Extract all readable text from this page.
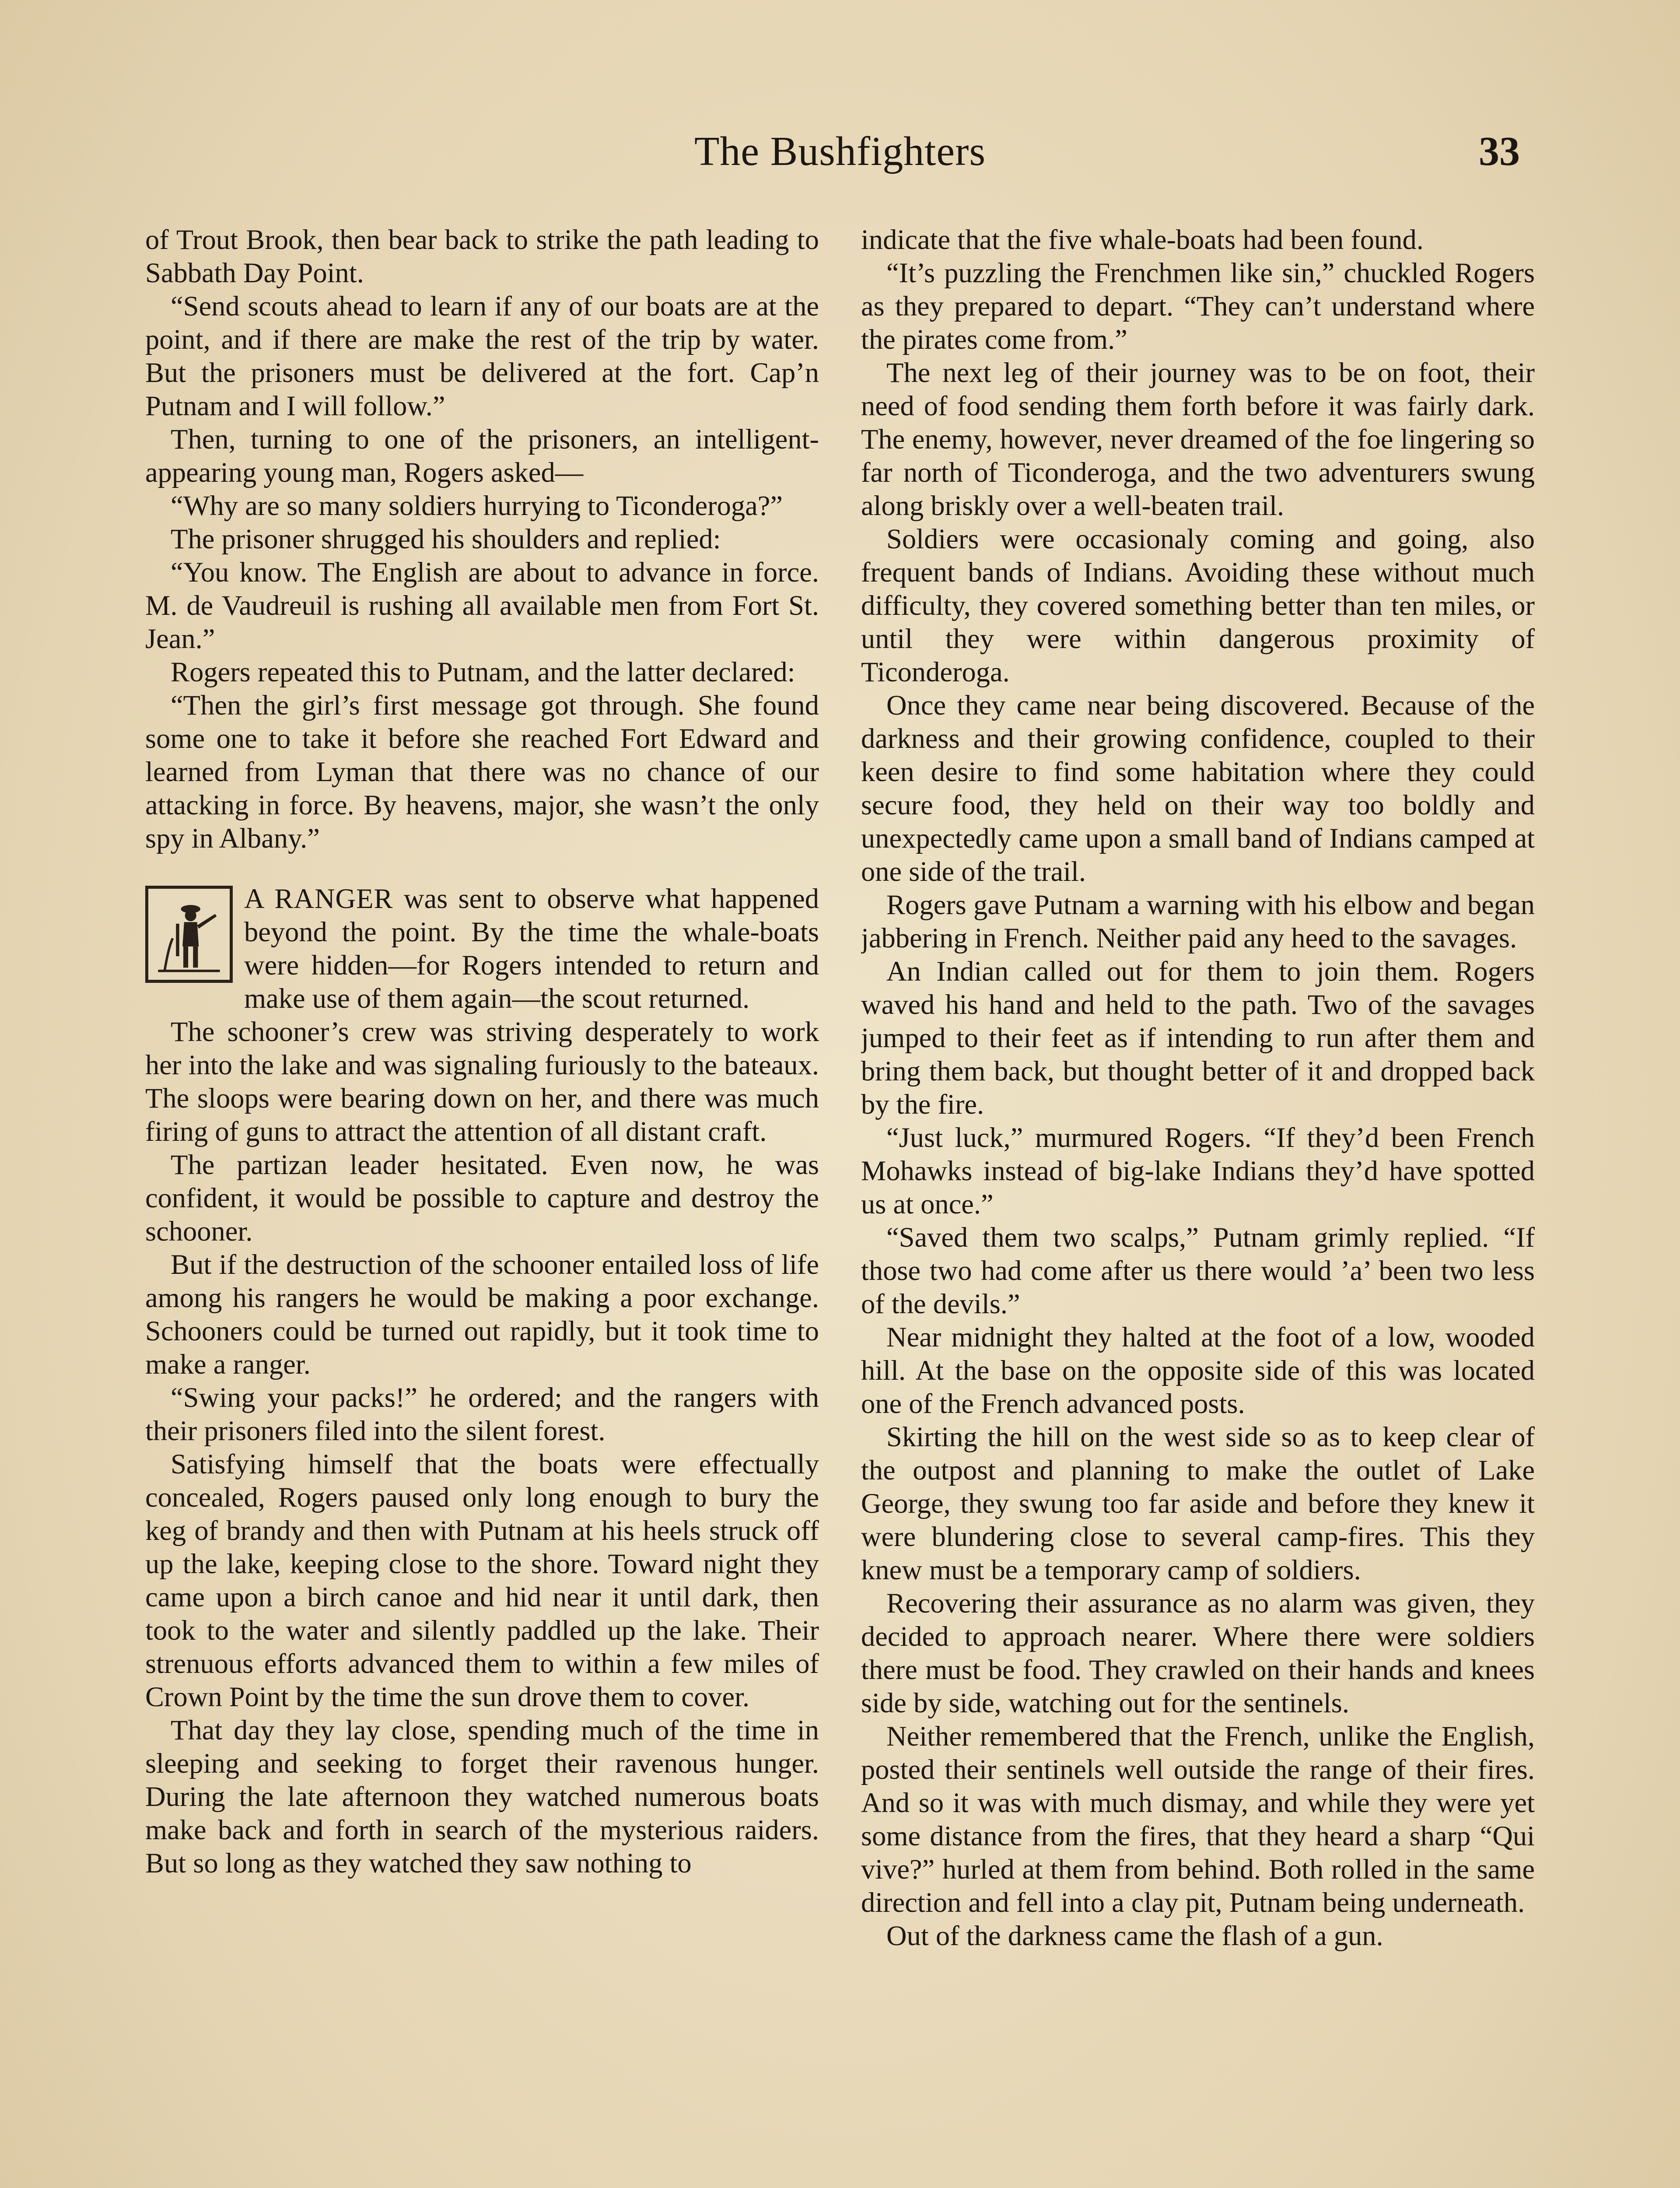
The Bushfighters	33

of Trout Brook, then bear back to strike the path leading to Sabbath Day Point.

“Send scouts ahead to learn if any of our boats are at the point, and if there are make the rest of the trip by water. But the prisoners must be delivered at the fort. Cap’n Putnam and I will follow.”

Then, turning to one of the prisoners, an intelligent-appearing young man, Rogers asked—

“Why are so many soldiers hurrying to Ticonderoga?”

The prisoner shrugged his shoulders and replied:

“You know. The English are about to advance in force. M. de Vaudreuil is rushing all available men from Fort St. Jean.”

Rogers repeated this to Putnam, and the latter declared:

“Then the girl’s first message got through. She found some one to take it before she reached Fort Edward and learned from Lyman that there was no chance of our attacking in force. By heavens, major, she wasn’t the only spy in Albany.”

A RANGER was sent to observe what happened beyond the point. By the time the whale-boats were hidden—for Rogers intended to return and make use of them again—the scout returned.

The schooner’s crew was striving desperately to work her into the lake and was signaling furiously to the bateaux. The sloops were bearing down on her, and there was much firing of guns to attract the attention of all distant craft.

The partizan leader hesitated. Even now, he was confident, it would be possible to capture and destroy the schooner.

But if the destruction of the schooner entailed loss of life among his rangers he would be making a poor exchange. Schooners could be turned out rapidly, but it took time to make a ranger.

“Swing your packs!” he ordered; and the rangers with their prisoners filed into the silent forest.

Satisfying himself that the boats were effectually concealed, Rogers paused only long enough to bury the keg of brandy and then with Putnam at his heels struck off up the lake, keeping close to the shore. Toward night they came upon a birch canoe and hid near it until dark, then took to the water and silently paddled up the lake. Their strenuous efforts advanced them to within a few miles of Crown Point by the time the sun drove them to cover.

That day they lay close, spending much of the time in sleeping and seeking to forget their ravenous hunger. During the late afternoon they watched numerous boats make back and forth in search of the mysterious raiders. But so long as they watched they saw nothing to

indicate that the five whale-boats had been found.

“It’s puzzling the Frenchmen like sin,” chuckled Rogers as they prepared to depart. “They can’t understand where the pirates come from.”

The next leg of their journey was to be on foot, their need of food sending them forth before it was fairly dark. The enemy, however, never dreamed of the foe lingering so far north of Ticonderoga, and the two adventurers swung along briskly over a well-beaten trail.

Soldiers were occasionaly coming and going, also frequent bands of Indians. Avoiding these without much difficulty, they covered something better than ten miles, or until they were within dangerous proximity of Ticonderoga.

Once they came near being discovered. Because of the darkness and their growing confidence, coupled to their keen desire to find some habitation where they could secure food, they held on their way too boldly and unexpectedly came upon a small band of Indians camped at one side of the trail.

Rogers gave Putnam a warning with his elbow and began jabbering in French. Neither paid any heed to the savages.

An Indian called out for them to join them. Rogers waved his hand and held to the path. Two of the savages jumped to their feet as if intending to run after them and bring them back, but thought better of it and dropped back by the fire.

“Just luck,” murmured Rogers. “If they’d been French Mohawks instead of big-lake Indians they’d have spotted us at once.”

“Saved them two scalps,” Putnam grimly replied. “If those two had come after us there would ’a’ been two less of the devils.”

Near midnight they halted at the foot of a low, wooded hill. At the base on the opposite side of this was located one of the French advanced posts.

Skirting the hill on the west side so as to keep clear of the outpost and planning to make the outlet of Lake George, they swung too far aside and before they knew it were blundering close to several camp-fires. This they knew must be a temporary camp of soldiers.

Recovering their assurance as no alarm was given, they decided to approach nearer. Where there were soldiers there must be food. They crawled on their hands and knees side by side, watching out for the sentinels.

Neither remembered that the French, unlike the English, posted their sentinels well outside the range of their fires. And so it was with much dismay, and while they were yet some distance from the fires, that they heard a sharp “Qui vive?” hurled at them from behind. Both rolled in the same direction and fell into a clay pit, Putnam being underneath.

Out of the darkness came the flash of a gun.
